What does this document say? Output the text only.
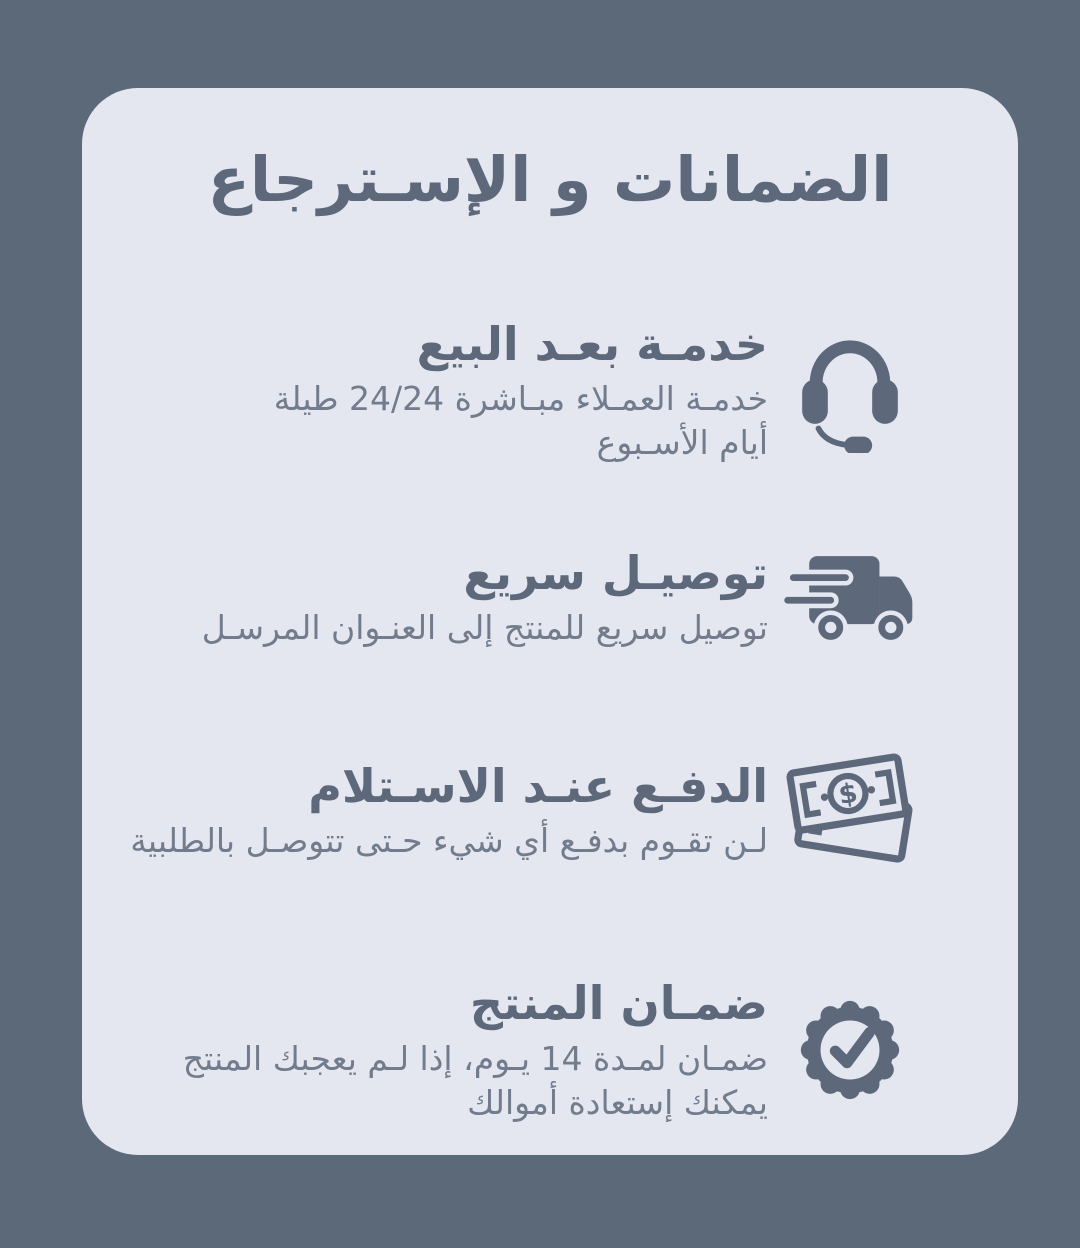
الضمانات و الإسـترجاع
خدمـة بعـد البيع
خدمـة العمـلاء مبـاشرة 24/24 طيلة
أيام الأسـبوع
توصيـل سريع
توصيل سريع للمنتج إلى العنـوان المرسـل
$
الدفـع عنـد الاسـتلام
لـن تقـوم بدفـع أي شيء حـتى تتوصـل بالطلبية
ضمـان المنتج
ضمـان لمـدة 14 يـوم، إذا لـم يعجبك المنتج
يمكنك إستعادة أموالك
